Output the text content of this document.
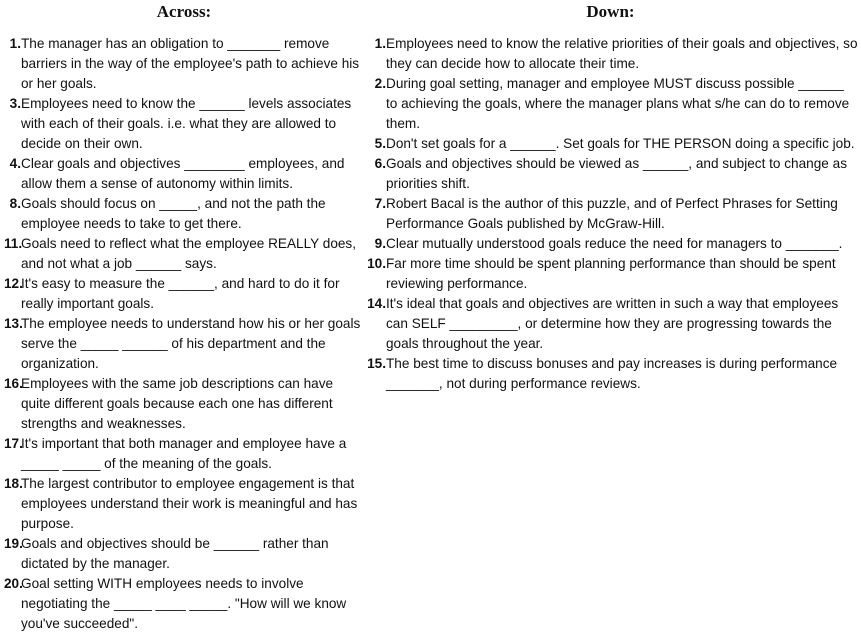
Across:
1. The manager has an obligation to _______ remove barriers in the way of the employee's path to achieve his or her goals.
3. Employees need to know the ______ levels associates with each of their goals. i.e. what they are allowed to decide on their own.
4. Clear goals and objectives ________ employees, and allow them a sense of autonomy within limits.
8. Goals should focus on _____, and not the path the employee needs to take to get there.
11.
Goals need to reflect what the employee REALLY does, and not what a job ______ says.
12.
It's easy to measure the ______, and hard to do it for really important goals.
13.
The employee needs to understand how his or her goals serve the _____ ______ of his department and the organization.
16.
Employees with the same job descriptions can have quite different goals because each one has different strengths and weaknesses.
17.
It's important that both manager and employee have a _____ _____ of the meaning of the goals.
18.
The largest contributor to employee engagement is that employees understand their work is meaningful and has purpose.
19.
Goals and objectives should be ______ rather than dictated by the manager.
20.
Goal setting WITH employees needs to involve negotiating the _____ ____ _____. "How will we know you've succeeded".
Down:
1. Employees need to know the relative priorities of their goals and objectives, so they can decide how to allocate their time.
2. During goal setting, manager and employee MUST discuss possible ______ to achieving the goals, where the manager plans what s/he can do to remove them.
5. Don't set goals for a ______. Set goals for THE PERSON doing a specific job.
6. Goals and objectives should be viewed as ______, and subject to change as priorities shift.
7. Robert Bacal is the author of this puzzle, and of Perfect Phrases for Setting Performance Goals published by McGraw-Hill.
9. Clear mutually understood goals reduce the need for managers to _______.
10. Far more time should be spent planning performance than should be spent reviewing performance.
14. It's ideal that goals and objectives are written in such a way that employees can SELF _________, or determine how they are progressing towards the goals throughout the year.
15. The best time to discuss bonuses and pay increases is during performance _______, not during performance reviews.
